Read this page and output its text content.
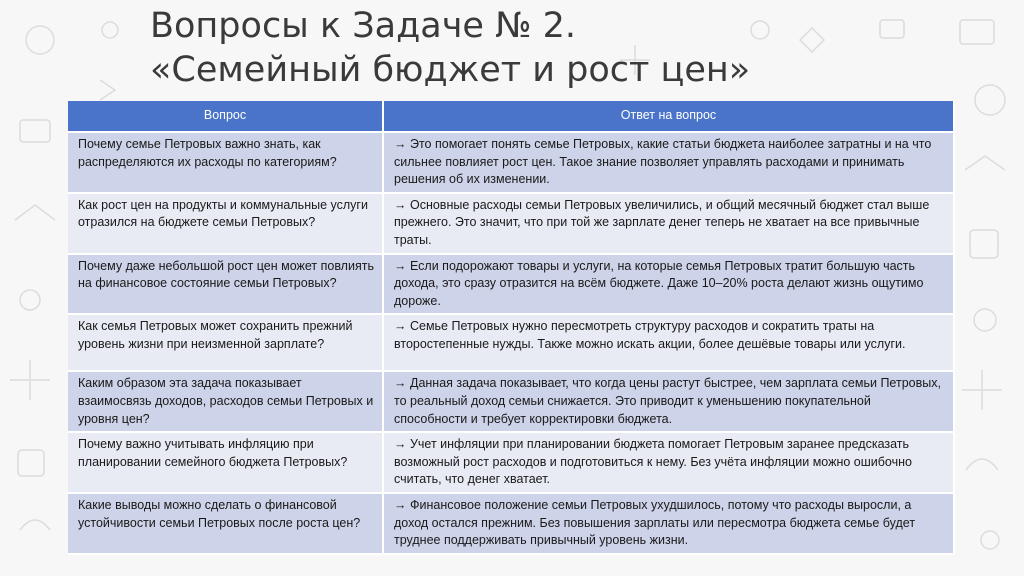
Вопросы к Задаче № 2.
«Семейный бюджет и рост цен»
Вопрос	Ответ на вопрос
Почему семье Петровых важно знать, как распределяются их расходы по категориям?	→ Это помогает понять семье Петровых, какие статьи бюджета наиболее затратны и на что сильнее повлияет рост цен. Такое знание позволяет управлять расходами и принимать решения об их изменении.
Как рост цен на продукты и коммунальные услуги отразился на бюджете семьи Петровых?	→ Основные расходы семьи Петровых увеличились, и общий месячный бюджет стал выше прежнего. Это значит, что при той же зарплате денег теперь не хватает на все привычные траты.
Почему даже небольшой рост цен может повлиять на финансовое состояние семьи Петровых?	→ Если подорожают товары и услуги, на которые семья Петровых тратит большую часть дохода, это сразу отразится на всём бюджете. Даже 10–20% роста делают жизнь ощутимо дороже.
Как семья Петровых может сохранить прежний уровень жизни при неизменной зарплате?	→ Семье Петровых нужно пересмотреть структуру расходов и сократить траты на второстепенные нужды. Также можно искать акции, более дешёвые товары или услуги.
Каким образом эта задача показывает взаимосвязь доходов, расходов семьи Петровых и уровня цен?	→ Данная задача показывает, что когда цены растут быстрее, чем зарплата семьи Петровых, то реальный доход семьи снижается. Это приводит к уменьшению покупательной способности и требует корректировки бюджета.
Почему важно учитывать инфляцию при планировании семейного бюджета Петровых?	→ Учет инфляции при планировании бюджета помогает Петровым заранее предсказать возможный рост расходов и подготовиться к нему. Без учёта инфляции можно ошибочно считать, что денег хватает.
Какие выводы можно сделать о финансовой устойчивости семьи Петровых после роста цен?	→ Финансовое положение семьи Петровых ухудшилось, потому что расходы выросли, а доход остался прежним. Без повышения зарплаты или пересмотра бюджета семье будет труднее поддерживать привычный уровень жизни.
